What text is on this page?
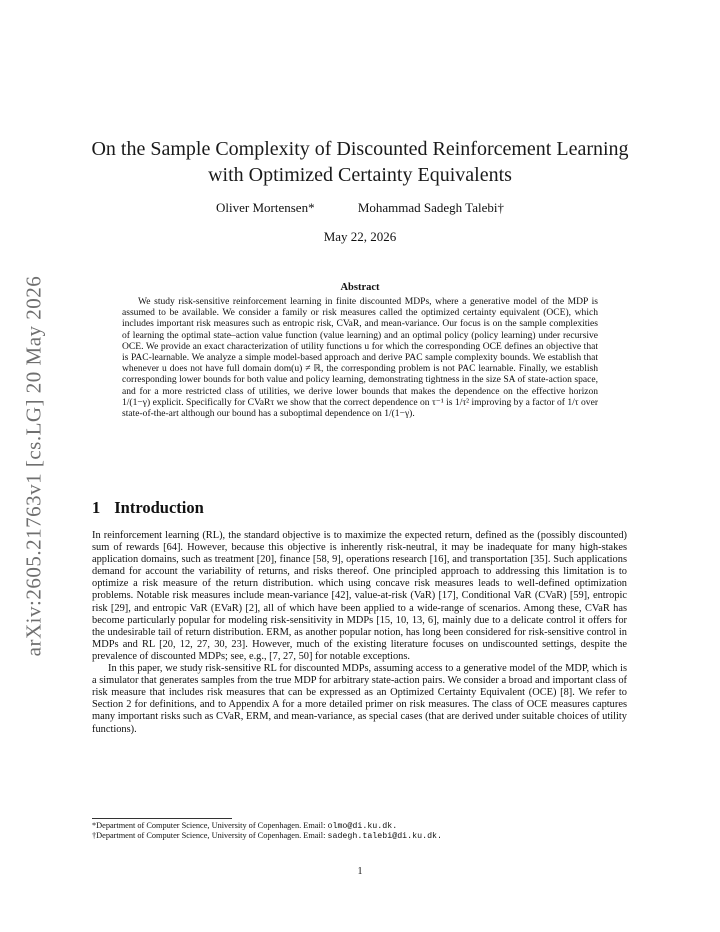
arXiv:2605.21763v1 [cs.LG] 20 May 2026
On the Sample Complexity of Discounted Reinforcement Learning with Optimized Certainty Equivalents
Oliver Mortensen*	Mohammad Sadegh Talebi†
May 22, 2026
Abstract

We study risk-sensitive reinforcement learning in finite discounted MDPs, where a generative model of the MDP is assumed to be available. We consider a family or risk measures called the optimized certainty equivalent (OCE), which includes important risk measures such as entropic risk, CVaR, and mean-variance. Our focus is on the sample complexities of learning the optimal state–action value function (value learning) and an optimal policy (policy learning) under recursive OCE. We provide an exact characterization of utility functions u for which the corresponding OCE defines an objective that is PAC-learnable. We analyze a simple model-based approach and derive PAC sample complexity bounds. We establish that whenever u does not have full domain dom(u) ≠ ℝ, the corresponding problem is not PAC learnable. Finally, we establish corresponding lower bounds for both value and policy learning, demonstrating tightness in the size SA of state-action space, and for a more restricted class of utilities, we derive lower bounds that makes the dependence on the effective horizon 1/(1−γ) explicit. Specifically for CVaRτ we show that the correct dependence on τ⁻¹ is 1/τ² improving by a factor of 1/τ over state-of-the-art although our bound has a suboptimal dependence on 1/(1−γ).

1 Introduction

In reinforcement learning (RL), the standard objective is to maximize the expected return, defined as the (possibly discounted) sum of rewards [64]. However, because this objective is inherently risk-neutral, it may be inadequate for many high-stakes application domains, such as treatment [20], finance [58, 9], operations research [16], and transportation [35]. Such applications demand for account the variability of returns, and risks thereof. One principled approach to addressing this limitation is to optimize a risk measure of the return distribution. which using concave risk measures leads to well-defined optimization problems. Notable risk measures include mean-variance [42], value-at-risk (VaR) [17], Conditional VaR (CVaR) [59], entropic risk [29], and entropic VaR (EVaR) [2], all of which have been applied to a wide-range of scenarios. Among these, CVaR has become particularly popular for modeling risk-sensitivity in MDPs [15, 10, 13, 6], mainly due to a delicate control it offers for the undesirable tail of return distribution. ERM, as another popular notion, has long been considered for risk-sensitive control in MDPs and RL [20, 12, 27, 30, 23]. However, much of the existing literature focuses on undiscounted settings, despite the prevalence of discounted MDPs; see, e.g., [7, 27, 50] for notable exceptions.

In this paper, we study risk-sensitive RL for discounted MDPs, assuming access to a generative model of the MDP, which is a simulator that generates samples from the true MDP for arbitrary state-action pairs. We consider a broad and important class of risk measure that includes risk measures that can be expressed as an Optimized Certainty Equivalent (OCE) [8]. We refer to Section 2 for definitions, and to Appendix A for a more detailed primer on risk measures. The class of OCE measures captures many important risks such as CVaR, ERM, and mean-variance, as special cases (that are derived under suitable choices of utility functions).

*Department of Computer Science, University of Copenhagen. Email: olmo@di.ku.dk.
†Department of Computer Science, University of Copenhagen. Email: sadegh.talebi@di.ku.dk.
1
